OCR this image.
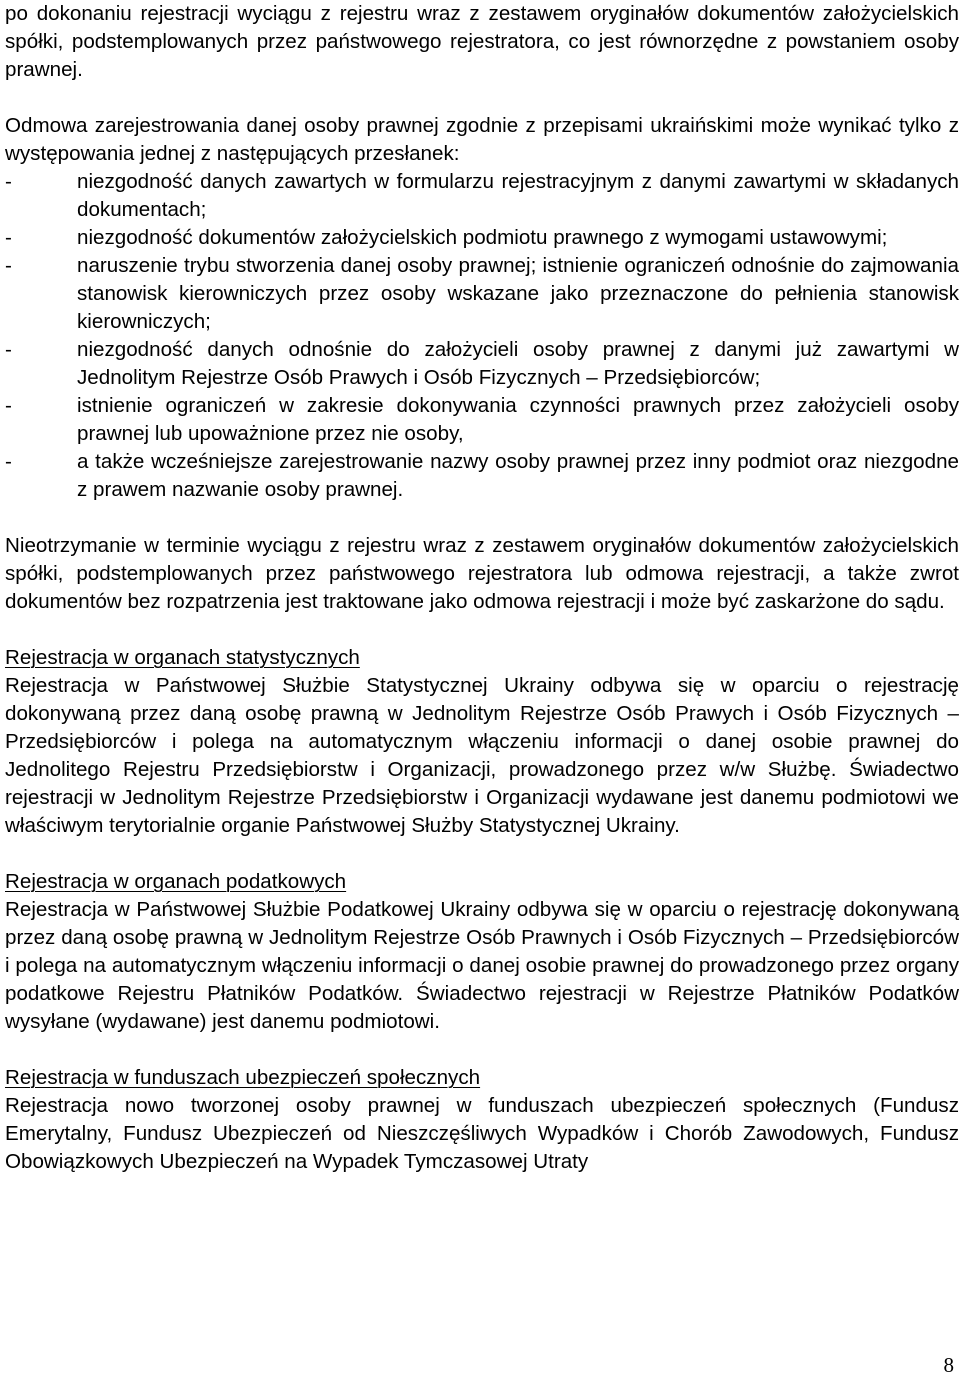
po dokonaniu rejestracji wyciągu z rejestru wraz z zestawem oryginałów dokumentów założycielskich spółki, podstemplowanych przez państwowego rejestratora, co jest równorzędne z powstaniem osoby prawnej.

Odmowa zarejestrowania danej osoby prawnej zgodnie z przepisami ukraińskimi może wynikać tylko z występowania jednej z następujących przesłanek:

-	niezgodność danych zawartych w formularzu rejestracyjnym z danymi zawartymi w składanych dokumentach;
-	niezgodność dokumentów założycielskich podmiotu prawnego z wymogami ustawowymi;
-	naruszenie trybu stworzenia danej osoby prawnej; istnienie ograniczeń odnośnie do zajmowania stanowisk kierowniczych przez osoby wskazane jako przeznaczone do pełnienia stanowisk kierowniczych;
-	niezgodność danych odnośnie do założycieli osoby prawnej z danymi już zawartymi w Jednolitym Rejestrze Osób Prawych i Osób Fizycznych – Przedsiębiorców;
-	istnienie ograniczeń w zakresie dokonywania czynności prawnych przez założycieli osoby prawnej lub upoważnione przez nie osoby,
-	a także wcześniejsze zarejestrowanie nazwy osoby prawnej przez inny podmiot oraz niezgodne z prawem nazwanie osoby prawnej.

Nieotrzymanie w terminie wyciągu z rejestru wraz z zestawem oryginałów dokumentów założycielskich spółki, podstemplowanych przez państwowego rejestratora lub odmowa rejestracji, a także zwrot dokumentów bez rozpatrzenia jest traktowane jako odmowa rejestracji i może być zaskarżone do sądu.

Rejestracja w organach statystycznych

Rejestracja w Państwowej Służbie Statystycznej Ukrainy odbywa się w oparciu o rejestrację dokonywaną przez daną osobę prawną w Jednolitym Rejestrze Osób Prawych i Osób Fizycznych – Przedsiębiorców i polega na automatycznym włączeniu informacji o danej osobie prawnej do Jednolitego Rejestru Przedsiębiorstw i Organizacji, prowadzonego przez w/w Służbę. Świadectwo rejestracji w Jednolitym Rejestrze Przedsiębiorstw i Organizacji wydawane jest danemu podmiotowi we właściwym terytorialnie organie Państwowej Służby Statystycznej Ukrainy.

Rejestracja w organach podatkowych

Rejestracja w Państwowej Służbie Podatkowej Ukrainy odbywa się w oparciu o rejestrację dokonywaną przez daną osobę prawną w Jednolitym Rejestrze Osób Prawnych i Osób Fizycznych – Przedsiębiorców i polega na automatycznym włączeniu informacji o danej osobie prawnej do prowadzonego przez organy podatkowe Rejestru Płatników Podatków. Świadectwo rejestracji w Rejestrze Płatników Podatków wysyłane (wydawane) jest danemu podmiotowi.

Rejestracja w funduszach ubezpieczeń społecznych

Rejestracja nowo tworzonej osoby prawnej w funduszach ubezpieczeń społecznych (Fundusz Emerytalny, Fundusz Ubezpieczeń od Nieszczęśliwych Wypadków i Chorób Zawodowych, Fundusz Obowiązkowych Ubezpieczeń na Wypadek Tymczasowej Utraty

8
